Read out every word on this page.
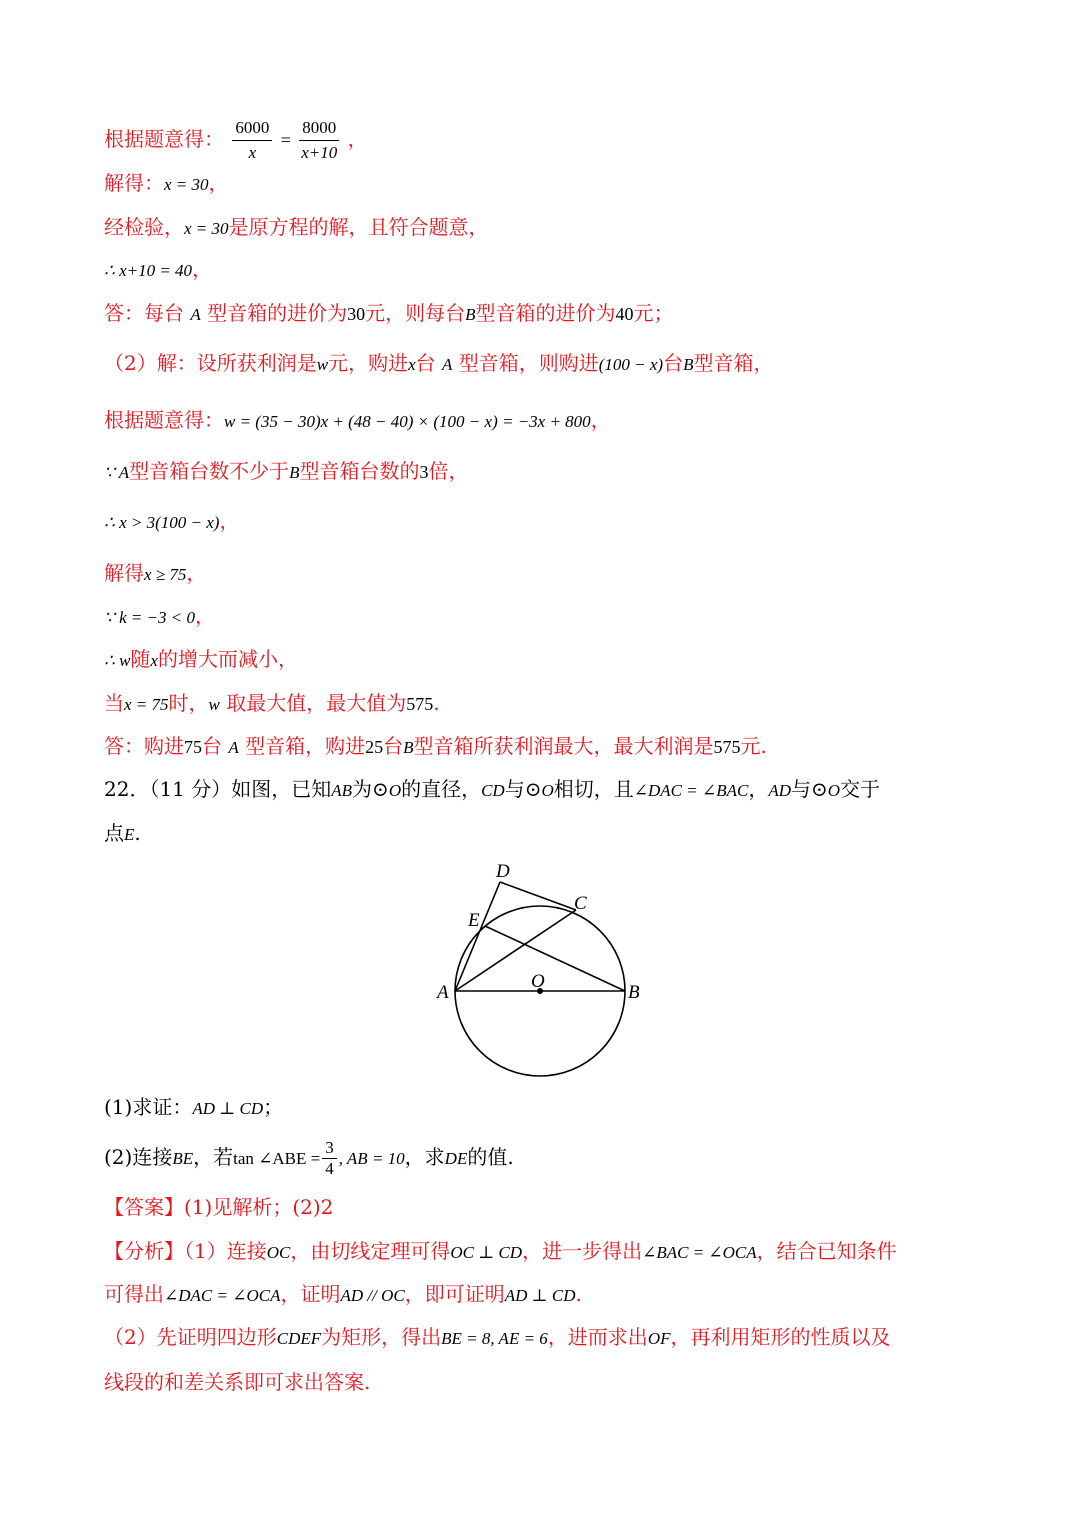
根据题意得： $\frac{6000}{x} = \frac{8000}{x+10}$ ，
解得：x = 30，
经检验，x = 30是原方程的解，且符合题意，
∴ x+10 = 40，
答：每台 A 型音箱的进价为30元，则每台B型音箱的进价为40元；
（2）解：设所获利润是w元，购进x台 A 型音箱，则购进(100 − x)台B型音箱，
根据题意得：w = (35 − 30)x + (48 − 40) × (100 − x) = −3x + 800，
∵ A型音箱台数不少于B型音箱台数的3倍，
∴ x > 3(100 − x)，
解得x ≥ 75，
∵ k = −3 < 0，
∴ w随x的增大而减小，
当x = 75时，w 取最大值，最大值为575.
答：购进75台 A 型音箱，购进25台B型音箱所获利润最大，最大利润是575元.
22．（11 分）如图，已知AB为⊙O的直径，CD与⊙O相切，且∠DAC = ∠BAC，AD与⊙O交于
点E.
D
C
E
O
A	B
(1)求证：AD ⊥ CD；
(2)连接BE，若tan ∠ABE = $\frac{3}{4}$ , AB = 10，求DE的值.
【答案】(1)见解析；(2)2
【分析】（1）连接OC，由切线定理可得OC ⊥ CD，进一步得出∠BAC = ∠OCA，结合已知条件
可得出∠DAC = ∠OCA，证明AD // OC，即可证明AD ⊥ CD.
（2）先证明四边形CDEF为矩形，得出BE = 8, AE = 6，进而求出OF，再利用矩形的性质以及
线段的和差关系即可求出答案.
